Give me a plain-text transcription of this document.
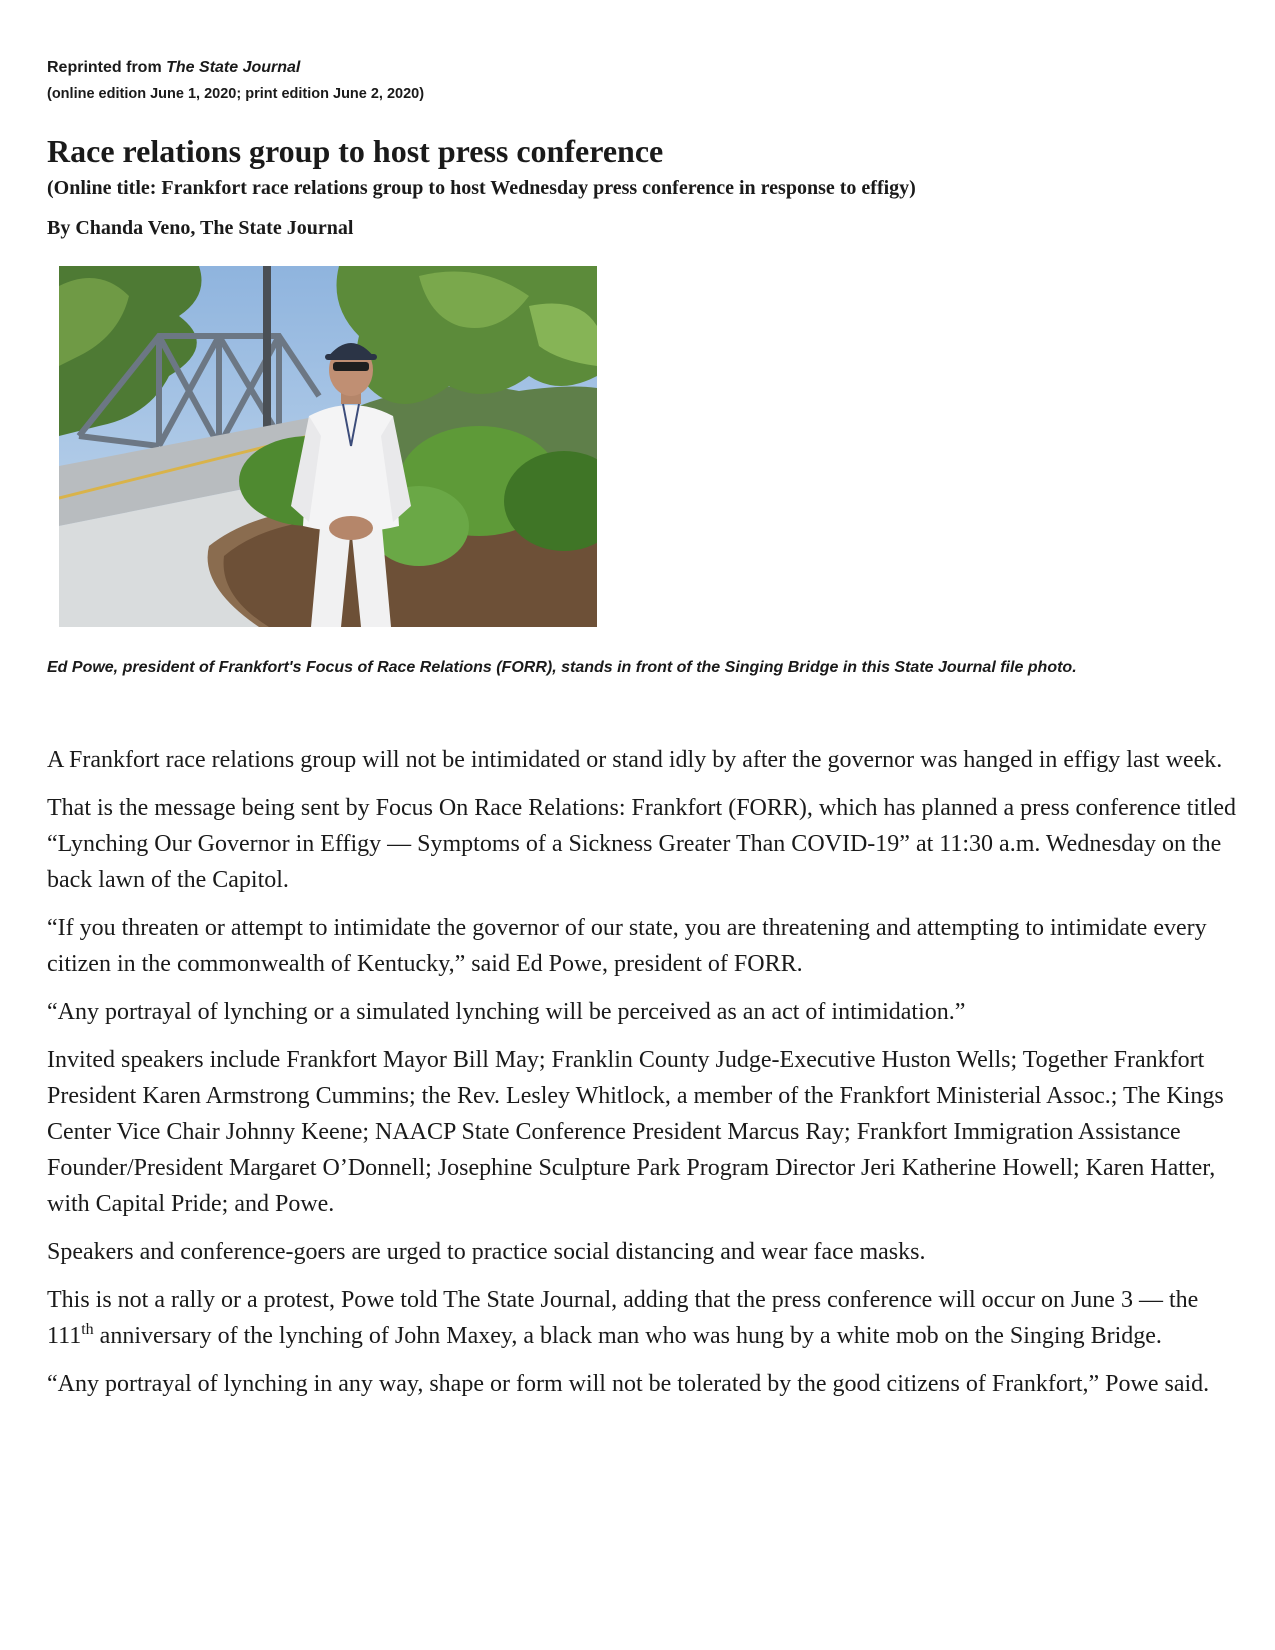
Reprinted from The State Journal
(online edition June 1, 2020; print edition June 2, 2020)
Race relations group to host press conference
(Online title: Frankfort race relations group to host Wednesday press conference in response to effigy)
By Chanda Veno, The State Journal
Ed Powe, president of Frankfort's Focus of Race Relations (FORR), stands in front of the Singing Bridge in this State Journal file photo.

A Frankfort race relations group will not be intimidated or stand idly by after the governor was hanged in effigy last week.

That is the message being sent by Focus On Race Relations: Frankfort (FORR), which has planned a press conference titled “Lynching Our Governor in Effigy — Symptoms of a Sickness Greater Than COVID-19” at 11:30 a.m. Wednesday on the back lawn of the Capitol.

“If you threaten or attempt to intimidate the governor of our state, you are threatening and attempting to intimidate every citizen in the commonwealth of Kentucky,” said Ed Powe, president of FORR.

“Any portrayal of lynching or a simulated lynching will be perceived as an act of intimidation.”

Invited speakers include Frankfort Mayor Bill May; Franklin County Judge-Executive Huston Wells; Together Frankfort President Karen Armstrong Cummins; the Rev. Lesley Whitlock, a member of the Frankfort Ministerial Assoc.; The Kings Center Vice Chair Johnny Keene; NAACP State Conference President Marcus Ray; Frankfort Immigration Assistance Founder/President Margaret O’Donnell; Josephine Sculpture Park Program Director Jeri Katherine Howell; Karen Hatter, with Capital Pride; and Powe.

Speakers and conference-goers are urged to practice social distancing and wear face masks.

This is not a rally or a protest, Powe told The State Journal, adding that the press conference will occur on June 3 — the 111th anniversary of the lynching of John Maxey, a black man who was hung by a white mob on the Singing Bridge.

“Any portrayal of lynching in any way, shape or form will not be tolerated by the good citizens of Frankfort,” Powe said.
